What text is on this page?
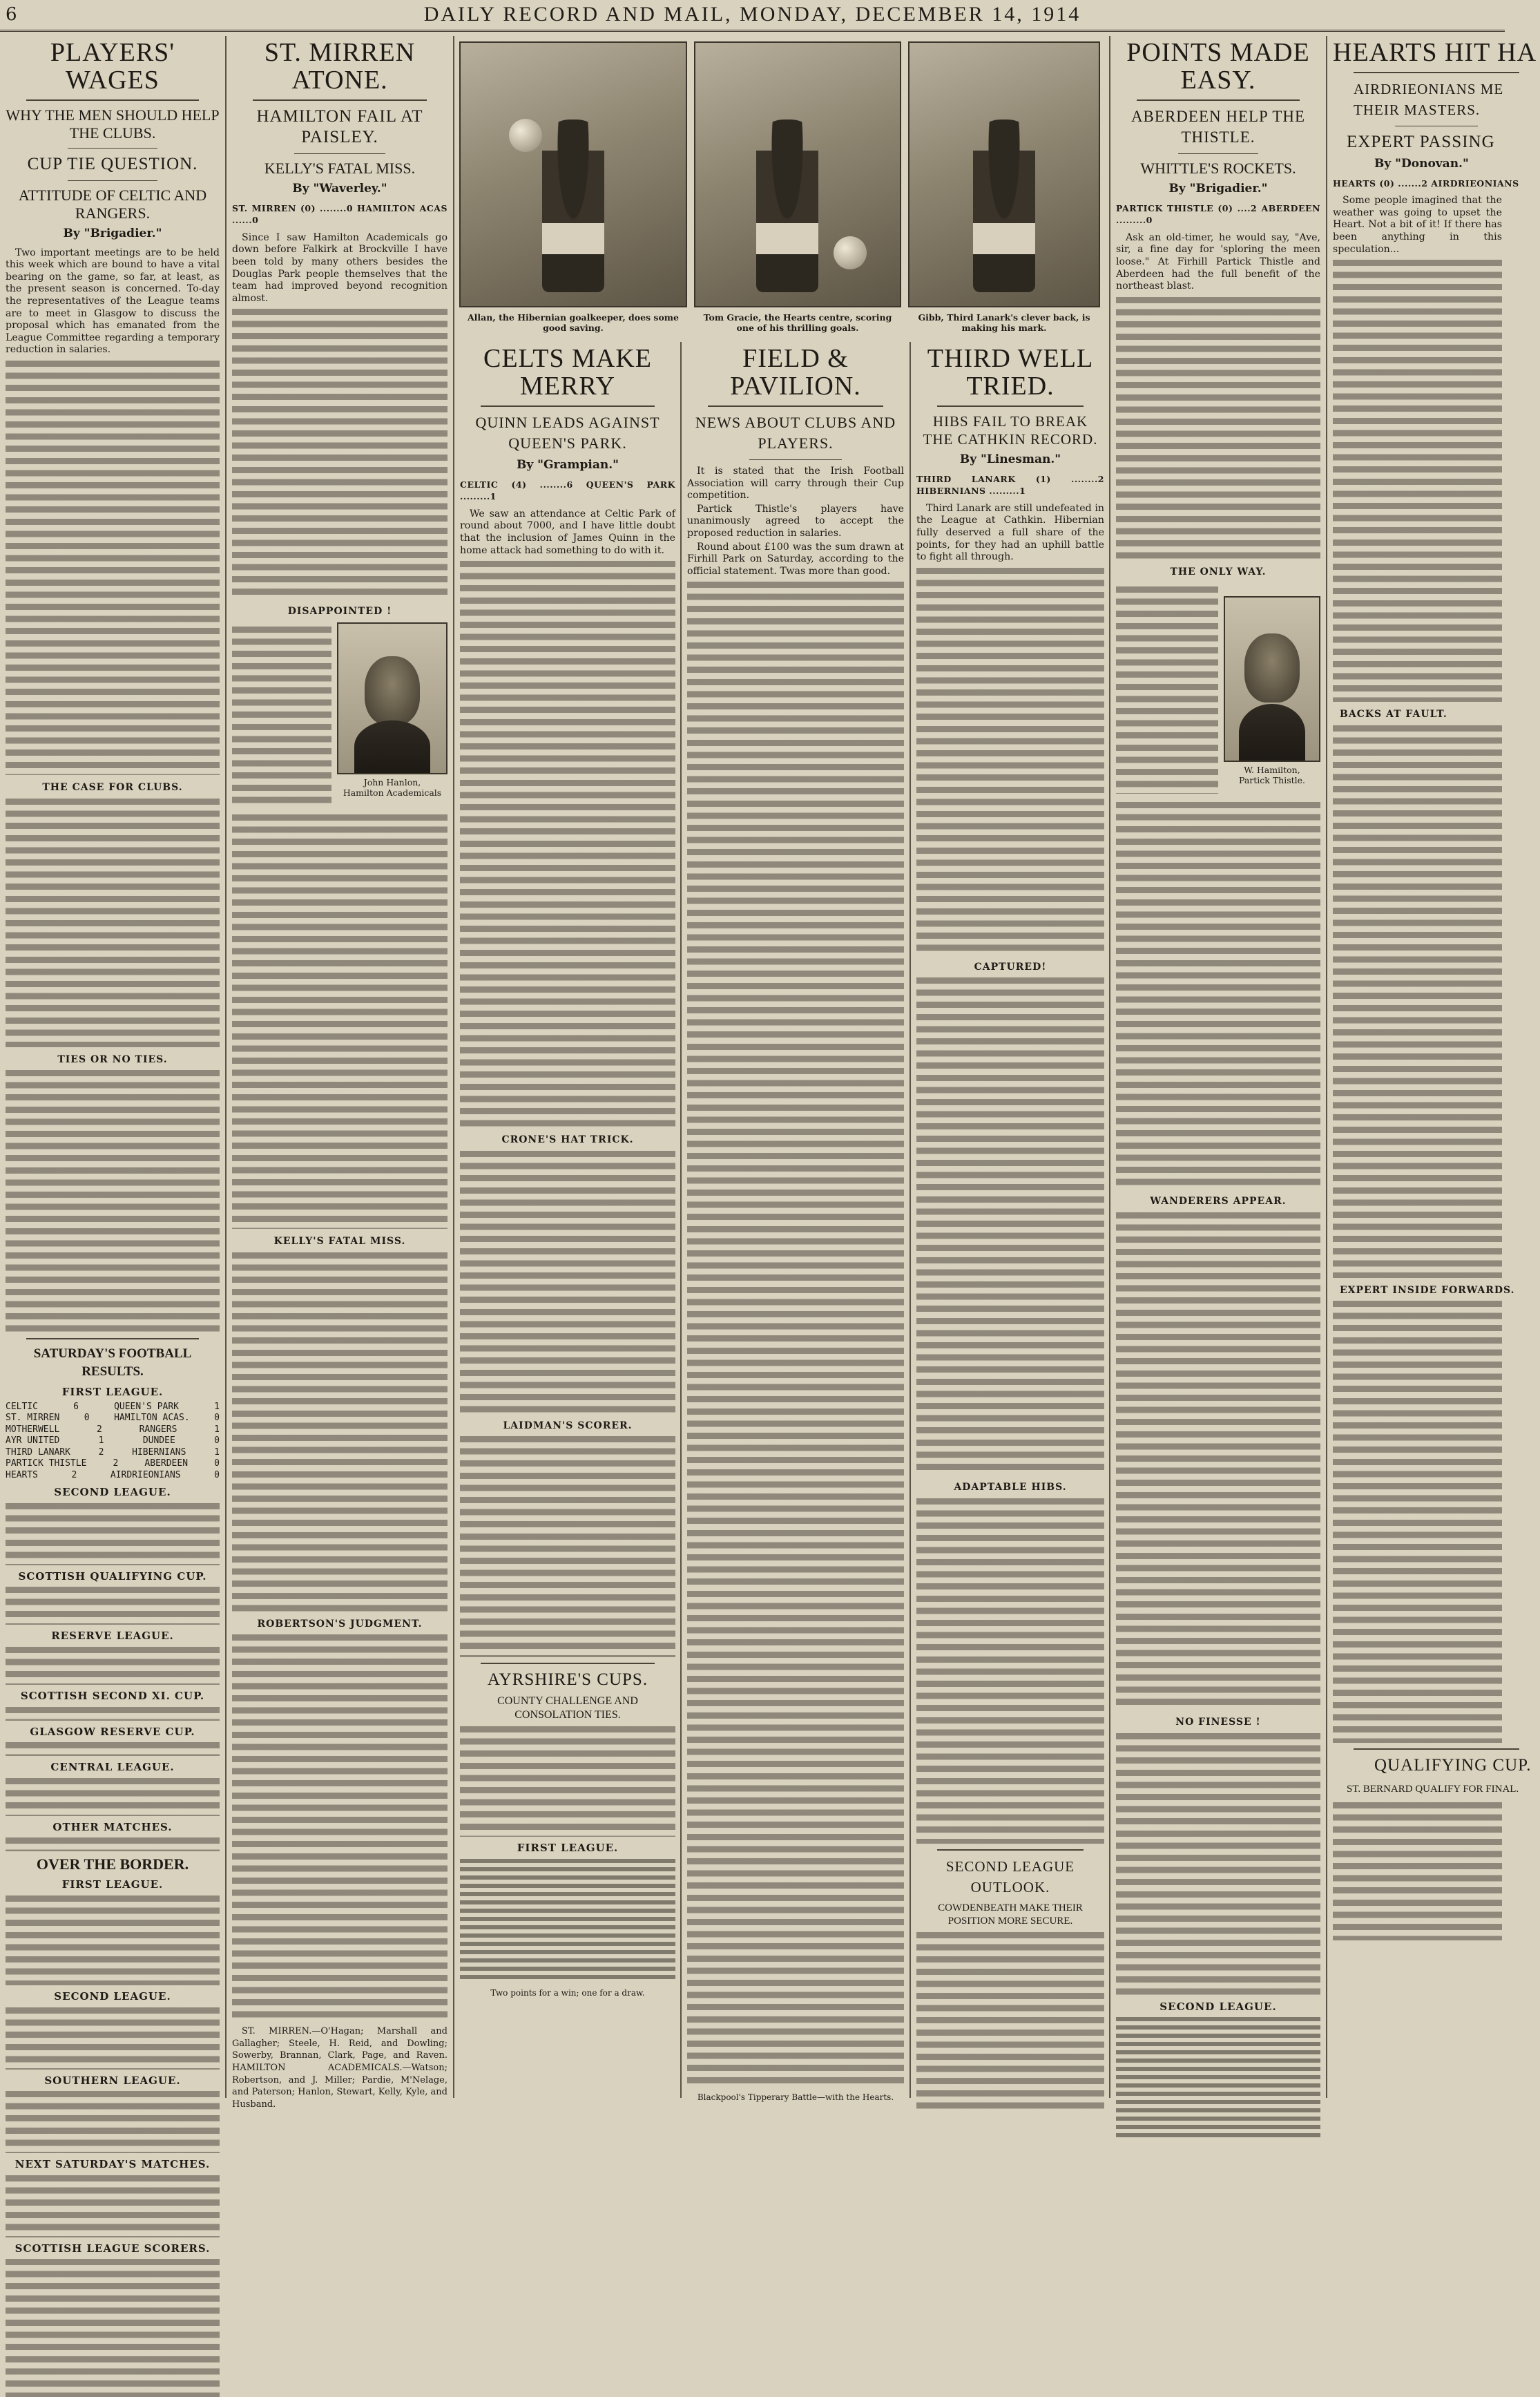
6	DAILY RECORD AND MAIL, MONDAY, DECEMBER 14, 1914
PLAYERS' WAGES
WHY THE MEN SHOULD HELP THE CLUBS.
CUP TIE QUESTION.
ATTITUDE OF CELTIC AND RANGERS.
By "Brigadier."

Two important meetings are to be held this week which are bound to have a vital bearing on the game, so far, at least, as the present season is concerned. To-day the representatives of the League teams are to meet in Glasgow to discuss the proposal which has emanated from the League Committee regarding a temporary reduction in salaries.

THE CASE FOR CLUBS.
TIES OR NO TIES.
SATURDAY'S FOOTBALL RESULTS.
FIRST LEAGUE.
CELTIC	6	QUEEN'S PARK	1
ST. MIRREN	0	HAMILTON ACAS.	0
MOTHERWELL	2	RANGERS	1
AYR UNITED	1	DUNDEE	0
THIRD LANARK	2	HIBERNIANS	1
PARTICK THISTLE	2	ABERDEEN	0
HEARTS	2	AIRDRIEONIANS	0
SECOND LEAGUE.
SCOTTISH QUALIFYING CUP.
RESERVE LEAGUE.
SCOTTISH SECOND XI. CUP.
GLASGOW RESERVE CUP.
CENTRAL LEAGUE.
OTHER MATCHES.
OVER THE BORDER.
FIRST LEAGUE.
SECOND LEAGUE.
SOUTHERN LEAGUE.
NEXT SATURDAY'S MATCHES.
SCOTTISH LEAGUE SCORERS.
ST. MIRREN ATONE.
HAMILTON FAIL AT PAISLEY.
KELLY'S FATAL MISS.
By "Waverley."
ST. MIRREN (0) ........0 HAMILTON ACAS ......0

Since I saw Hamilton Academicals go down before Falkirk at Brockville I have been told by many others besides the Douglas Park people themselves that the team had improved beyond recognition almost.

DISAPPOINTED !
John Hanlon,
Hamilton Academicals
KELLY'S FATAL MISS.
ROBERTSON'S JUDGMENT.

ST. MIRREN.—O'Hagan; Marshall and Gallagher; Steele, H. Reid, and Dowling; Sowerby, Brannan, Clark, Page, and Raven. HAMILTON ACADEMICALS.—Watson; Robertson, and J. Miller; Pardie, M'Nelage, and Paterson; Hanlon, Stewart, Kelly, Kyle, and Husband.

Allan, the Hibernian goalkeeper, does some good saving.
Tom Gracie, the Hearts centre, scoring one of his thrilling goals.
Gibb, Third Lanark's clever back, is making his mark.
CELTS MAKE MERRY
QUINN LEADS AGAINST QUEEN'S PARK.
By "Grampian."
CELTIC (4) ........6 QUEEN'S PARK .........1

We saw an attendance at Celtic Park of round about 7000, and I have little doubt that the inclusion of James Quinn in the home attack had something to do with it.

CRONE'S HAT TRICK.
LAIDMAN'S SCORER.
AYRSHIRE'S CUPS.
COUNTY CHALLENGE AND CONSOLATION TIES.
FIRST LEAGUE.
Two points for a win; one for a draw.
FIELD & PAVILION.
NEWS ABOUT CLUBS AND PLAYERS.

It is stated that the Irish Football Association will carry through their Cup competition.

Partick Thistle's players have unanimously agreed to accept the proposed reduction in salaries.

Round about £100 was the sum drawn at Firhill Park on Saturday, according to the official statement. Twas more than good.

Blackpool's Tipperary Battle—with the Hearts.
THIRD WELL TRIED.
HIBS FAIL TO BREAK THE CATHKIN RECORD.
By "Linesman."
THIRD LANARK (1) ........2 HIBERNIANS .........1

Third Lanark are still undefeated in the League at Cathkin. Hibernian fully deserved a full share of the points, for they had an uphill battle to fight all through.

CAPTURED!
ADAPTABLE HIBS.
SECOND LEAGUE OUTLOOK.
COWDENBEATH MAKE THEIR POSITION MORE SECURE.
POINTS MADE EASY.
ABERDEEN HELP THE THISTLE.
WHITTLE'S ROCKETS.
By "Brigadier."
PARTICK THISTLE (0) ....2 ABERDEEN .........0

Ask an old-timer, he would say, "Ave, sir, a fine day for 'sploring the meen loose." At Firhill Partick Thistle and Aberdeen had the full benefit of the northeast blast.

THE ONLY WAY.
W. Hamilton,
Partick Thistle.
WANDERERS APPEAR.
NO FINESSE !
SECOND LEAGUE.
HEARTS HIT HA
AIRDRIEONIANS ME THEIR MASTERS.
EXPERT PASSING
By "Donovan."
HEARTS (0) .......2 AIRDRIEONIANS

Some people imagined that the weather was going to upset the Heart. Not a bit of it! If there has been anything in this speculation...

BACKS AT FAULT.
EXPERT INSIDE FORWARDS.
QUALIFYING CUP.
ST. BERNARD QUALIFY FOR FINAL.
